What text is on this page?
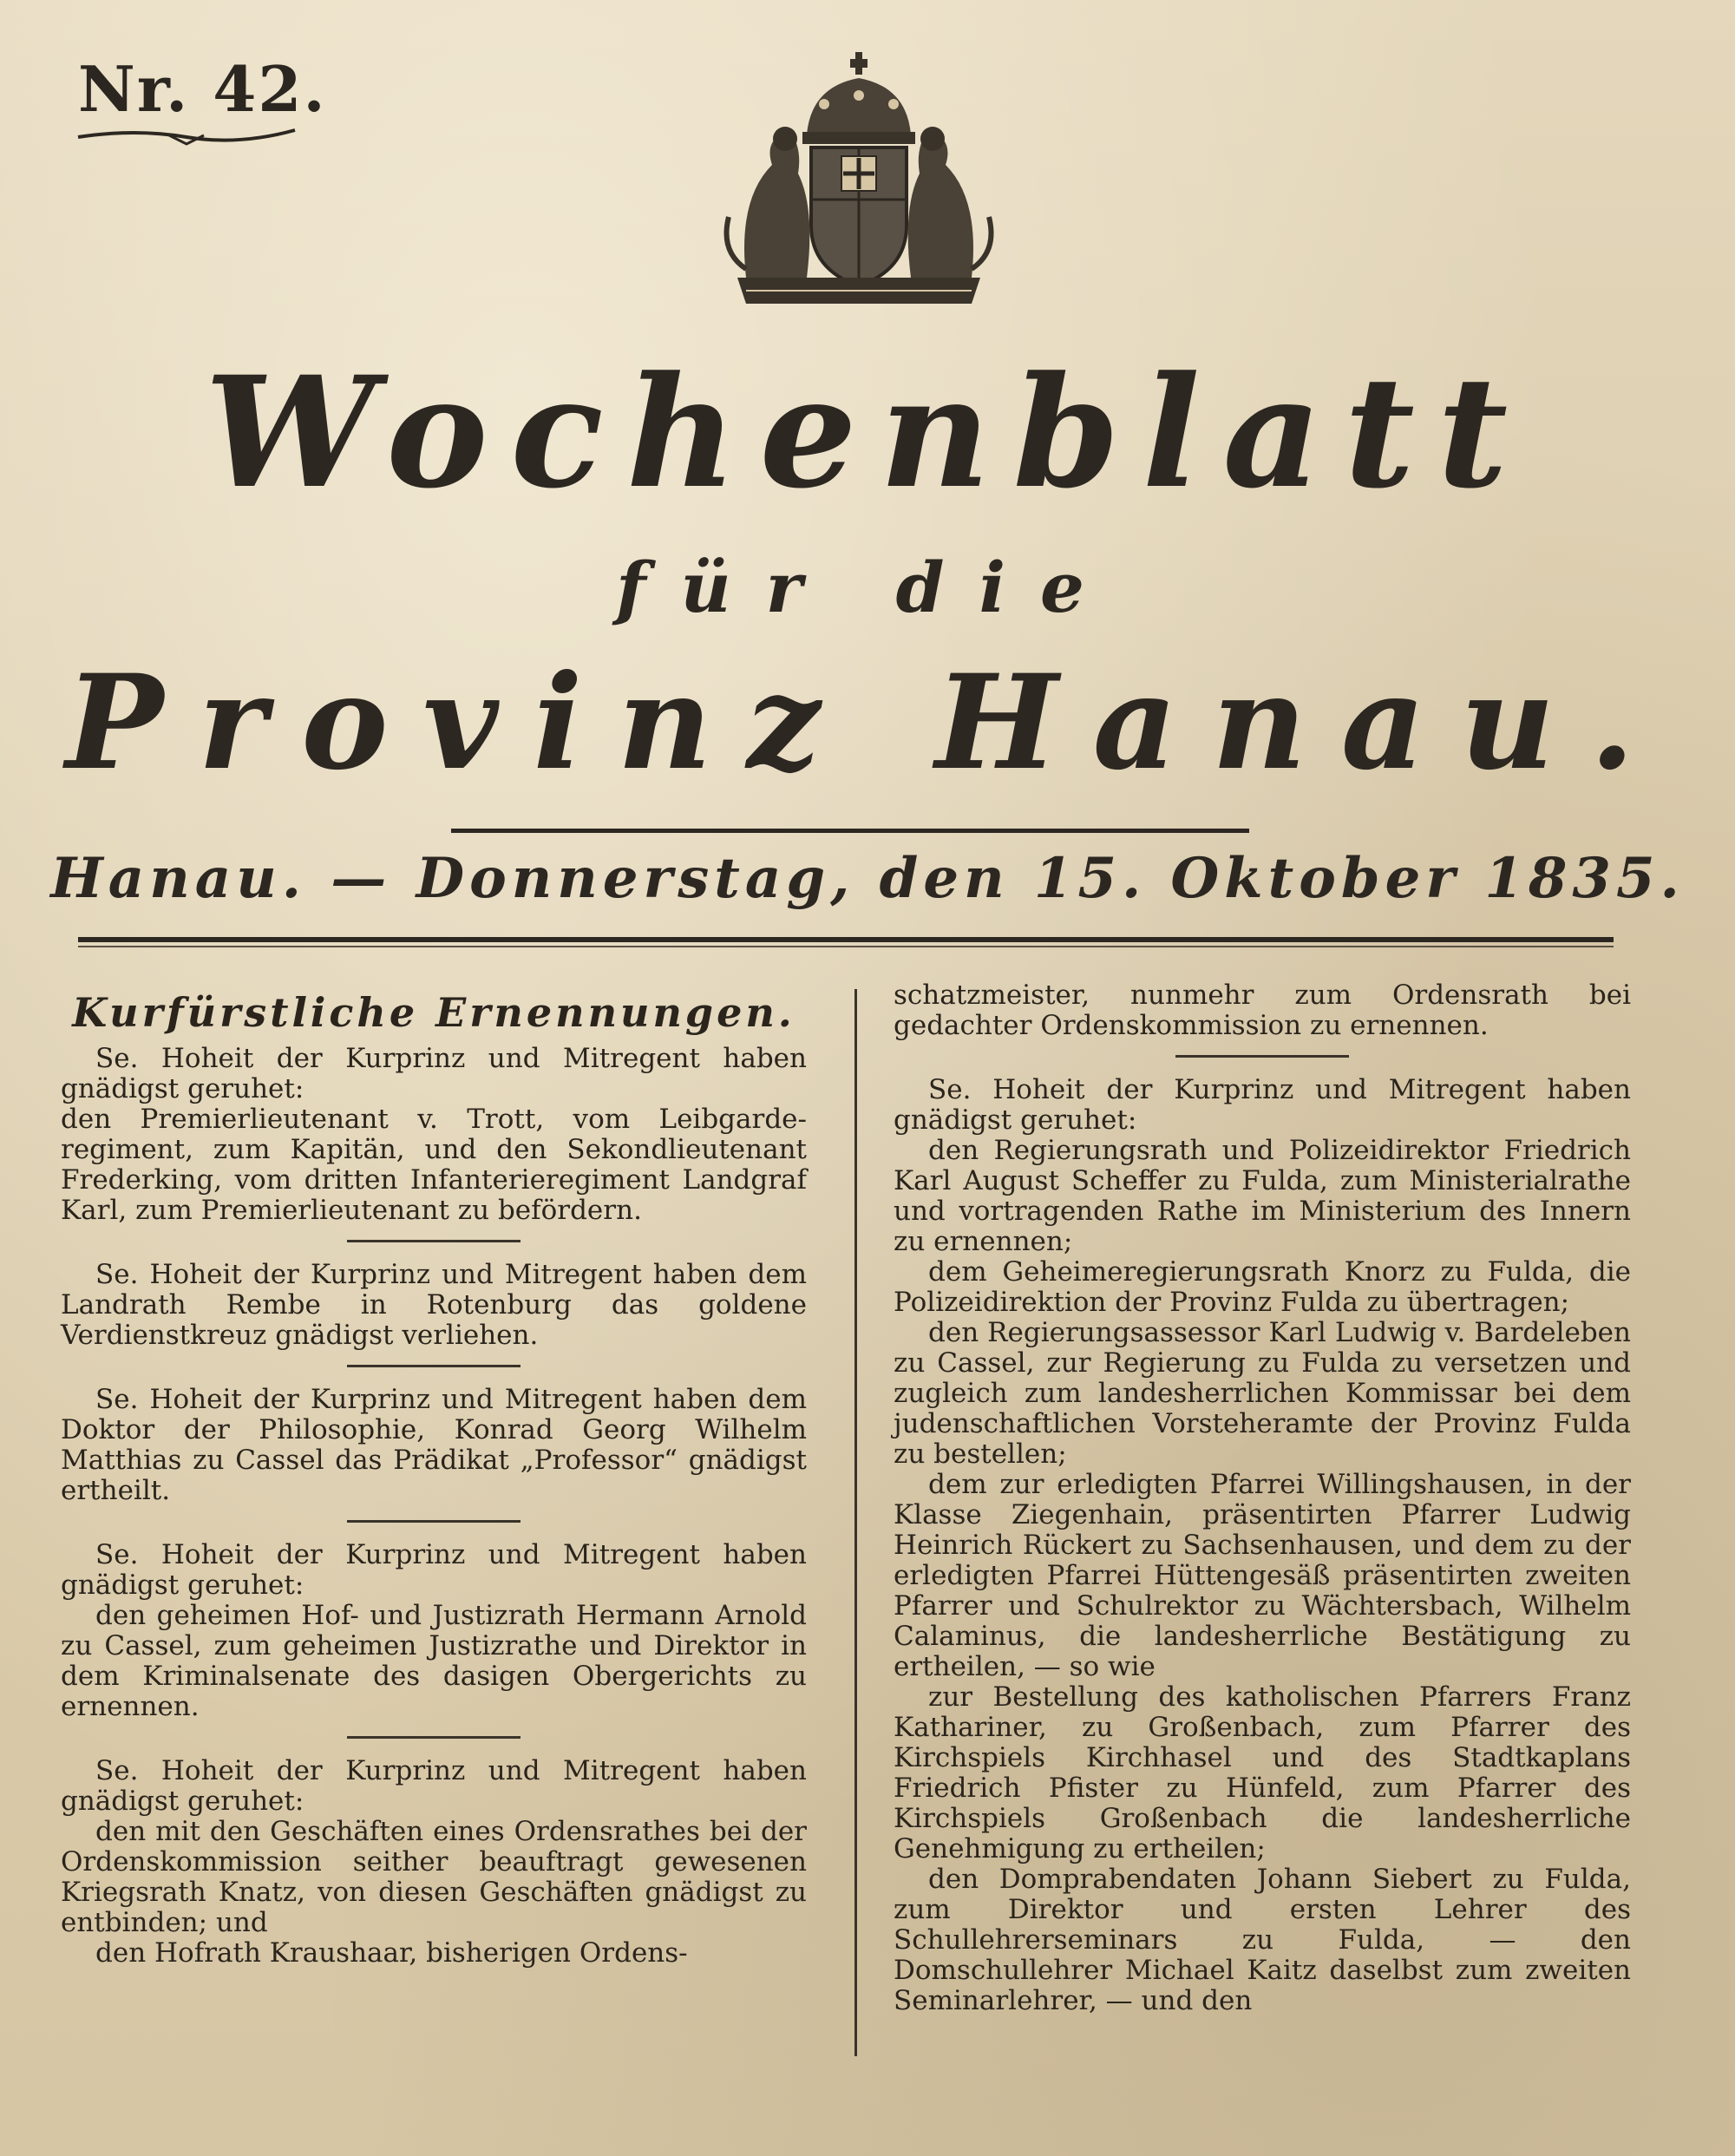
Nr. 42.
Wochenblatt
für die
Provinz Hanau.
Hanau. — Donnerstag, den 15. Oktober 1835.
Kurfürstliche Ernennungen.

Se. Hoheit der Kurprinz und Mitregent haben gnädigst geruhet:

den Premierlieutenant v. Trott, vom Leibgarde-regiment, zum Kapitän, und den Sekondlieutenant Frederking, vom dritten Infanterieregiment Landgraf Karl, zum Premierlieutenant zu befördern.

Se. Hoheit der Kurprinz und Mitregent haben dem Landrath Rembe in Rotenburg das goldene Verdienstkreuz gnädigst verliehen.

Se. Hoheit der Kurprinz und Mitregent haben dem Doktor der Philosophie, Konrad Georg Wilhelm Matthias zu Cassel das Prädikat „Professor“ gnädigst ertheilt.

Se. Hoheit der Kurprinz und Mitregent haben gnädigst geruhet:

den geheimen Hof- und Justizrath Hermann Arnold zu Cassel, zum geheimen Justizrathe und Direktor in dem Kriminalsenate des dasigen Obergerichts zu ernennen.

Se. Hoheit der Kurprinz und Mitregent haben gnädigst geruhet:

den mit den Geschäften eines Ordensrathes bei der Ordenskommission seither beauftragt gewesenen Kriegsrath Knatz, von diesen Geschäften gnädigst zu entbinden; und

den Hofrath Kraushaar, bisherigen Ordens-

schatzmeister, nunmehr zum Ordensrath bei gedachter Ordenskommission zu ernennen.

Se. Hoheit der Kurprinz und Mitregent haben gnädigst geruhet:

den Regierungsrath und Polizeidirektor Friedrich Karl August Scheffer zu Fulda, zum Ministerialrathe und vortragenden Rathe im Ministerium des Innern zu ernennen;

dem Geheimeregierungsrath Knorz zu Fulda, die Polizeidirektion der Provinz Fulda zu übertragen;

den Regierungsassessor Karl Ludwig v. Bardeleben zu Cassel, zur Regierung zu Fulda zu versetzen und zugleich zum landesherrlichen Kommissar bei dem judenschaftlichen Vorsteheramte der Provinz Fulda zu bestellen;

dem zur erledigten Pfarrei Willingshausen, in der Klasse Ziegenhain, präsentirten Pfarrer Ludwig Heinrich Rückert zu Sachsenhausen, und dem zu der erledigten Pfarrei Hüttengesäß präsentirten zweiten Pfarrer und Schulrektor zu Wächtersbach, Wilhelm Calaminus, die landesherrliche Bestätigung zu ertheilen, — so wie

zur Bestellung des katholischen Pfarrers Franz Kathariner, zu Großenbach, zum Pfarrer des Kirchspiels Kirchhasel und des Stadtkaplans Friedrich Pfister zu Hünfeld, zum Pfarrer des Kirchspiels Großenbach die landesherrliche Genehmigung zu ertheilen;

den Domprabendaten Johann Siebert zu Fulda, zum Direktor und ersten Lehrer des Schullehrerseminars zu Fulda, — den Domschullehrer Michael Kaitz daselbst zum zweiten Seminarlehrer, — und den
